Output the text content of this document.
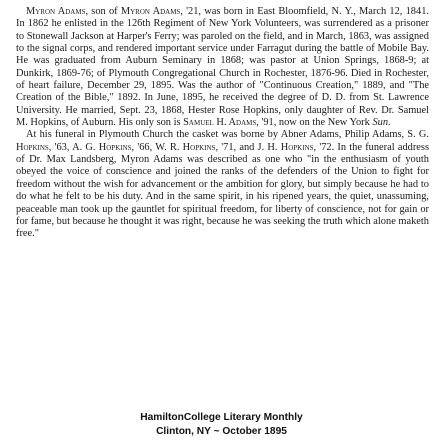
Myron Adams, son of Myron Adams, '21, was born in East Bloomfield, N. Y., March 12, 1841. In 1862 he enlisted in the 126th Regiment of New York Volunteers, was surrendered as a prisoner to Stonewall Jackson at Harper's Ferry; was paroled on the field, and in March, 1863, was assigned to the signal corps, and rendered important service under Farragut during the battle of Mobile Bay. He was graduated from Auburn Seminary in 1868; was pastor at Union Springs, 1868-9; at Dunkirk, 1869-76; of Plymouth Congregational Church in Rochester, 1876-96. Died in Rochester, of heart failure, December 29, 1895. Was the author of "Continuous Creation," 1889, and "The Creation of the Bible," 1892. In June, 1895, he received the degree of D. D. from St. Lawrence University. He married, Sept. 23, 1868, Hester Rose Hopkins, only daughter of Rev. Dr. Samuel M. Hopkins, of Auburn. His only son is Samuel H. Adams, '91, now on the New York Sun.

At his funeral in Plymouth Church the casket was borne by Abner Adams, Philip Adams, S. G. Hopkins, '63, A. G. Hopkins, '66, W. R. Hopkins, '71, and J. H. Hopkins, '72. In the funeral address of Dr. Max Landsberg, Myron Adams was described as one who "in the enthusiasm of youth obeyed the voice of conscience and joined the ranks of the defenders of the Union to fight for freedom without the wish for advancement or the ambition for glory, but simply because he had to do what he felt to be his duty. And in the same spirit, in his ripened years, the quiet, unassuming, peaceable man took up the gauntlet for spiritual freedom, for liberty of conscience, not for gain or for fame, but because he thought it was right, because he was seeking the truth which alone maketh free."

HamiltonCollege Literary Monthly
Clinton, NY ~ October 1895
